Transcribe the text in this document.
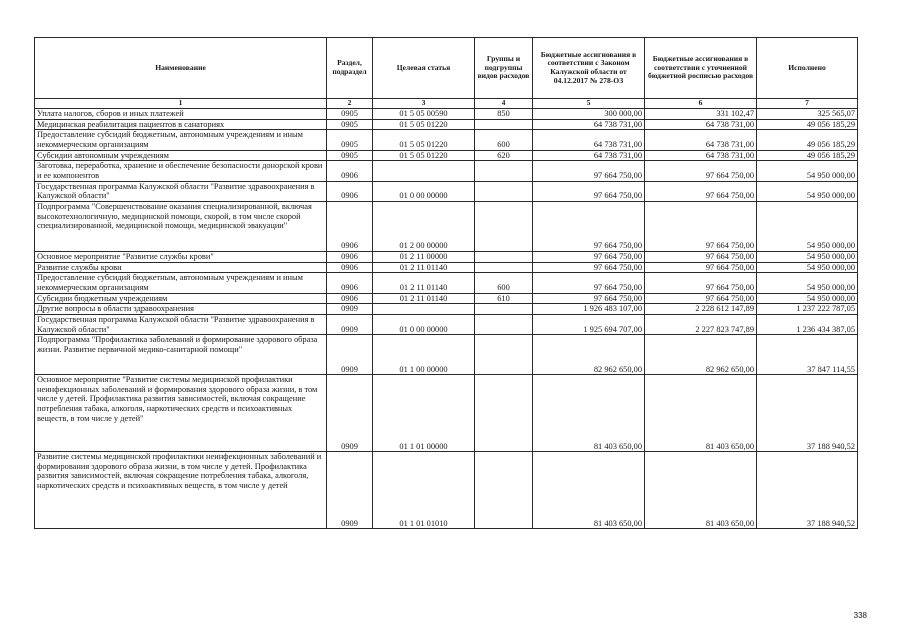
Наименование	Раздел, подраздел	Целевая статья	Группы и подгруппы видов расходов	Бюджетные ассигнования в соответствии с Законом Калужской области от 04.12.2017 № 278-ОЗ	Бюджетные ассигнования в соответствии с уточненной бюджетной росписью расходов	Исполнено
1	2	3	4	5	6	7
Уплата налогов, сборов и иных платежей	0905	01 5 05 00590	850	300 000,00	331 102,47	325 565,07
Медицинская реабилитация пациентов в санаториях	0905	01 5 05 01220		64 738 731,00	64 738 731,00	49 056 185,29
Предоставление субсидий бюджетным, автономным учреждениям и иным некоммерческим организациям	0905	01 5 05 01220	600	64 738 731,00	64 738 731,00	49 056 185,29
Субсидии автономным учреждениям	0905	01 5 05 01220	620	64 738 731,00	64 738 731,00	49 056 185,29
Заготовка, переработка, хранение и обеспечение безопасности донорской крови и ее компонентов	0906			97 664 750,00	97 664 750,00	54 950 000,00
Государственная программа Калужской области "Развитие здравоохранения в Калужской области"	0906	01 0 00 00000		97 664 750,00	97 664 750,00	54 950 000,00
Подпрограмма "Совершенствование оказания специализированной, включая высокотехнологичную, медицинской помощи, скорой, в том числе скорой специализированной, медицинской помощи, медицинской эвакуации"	0906	01 2 00 00000		97 664 750,00	97 664 750,00	54 950 000,00
Основное мероприятие "Развитие службы крови"	0906	01 2 11 00000		97 664 750,00	97 664 750,00	54 950 000,00
Развитие службы крови	0906	01 2 11 01140		97 664 750,00	97 664 750,00	54 950 000,00
Предоставление субсидий бюджетным, автономным учреждениям и иным некоммерческим организациям	0906	01 2 11 01140	600	97 664 750,00	97 664 750,00	54 950 000,00
Субсидии бюджетным учреждениям	0906	01 2 11 01140	610	97 664 750,00	97 664 750,00	54 950 000,00
Другие вопросы в области здравоохранения	0909			1 926 483 107,00	2 228 612 147,89	1 237 222 787,05
Государственная программа Калужской области "Развитие здравоохранения в Калужской области"	0909	01 0 00 00000		1 925 694 707,00	2 227 823 747,89	1 236 434 387,05
Подпрограмма "Профилактика заболеваний и формирование здорового образа жизни. Развитие первичной медико-санитарной помощи"	0909	01 1 00 00000		82 962 650,00	82 962 650,00	37 847 114,55
Основное мероприятие "Развитие системы медицинской профилактики неинфекционных заболеваний и формирования здорового образа жизни, в том числе у детей. Профилактика развития зависимостей, включая сокращение потребления табака, алкоголя, наркотических средств и психоактивных веществ, в том числе у детей"	0909	01 1 01 00000		81 403 650,00	81 403 650,00	37 188 940,52
Развитие системы медицинской профилактики неинфекционных заболеваний и формирования здорового образа жизни, в том числе у детей. Профилактика развития зависимостей, включая сокращение потребления табака, алкоголя, наркотических средств и психоактивных веществ, в том числе у детей	0909	01 1 01 01010		81 403 650,00	81 403 650,00	37 188 940,52
338
